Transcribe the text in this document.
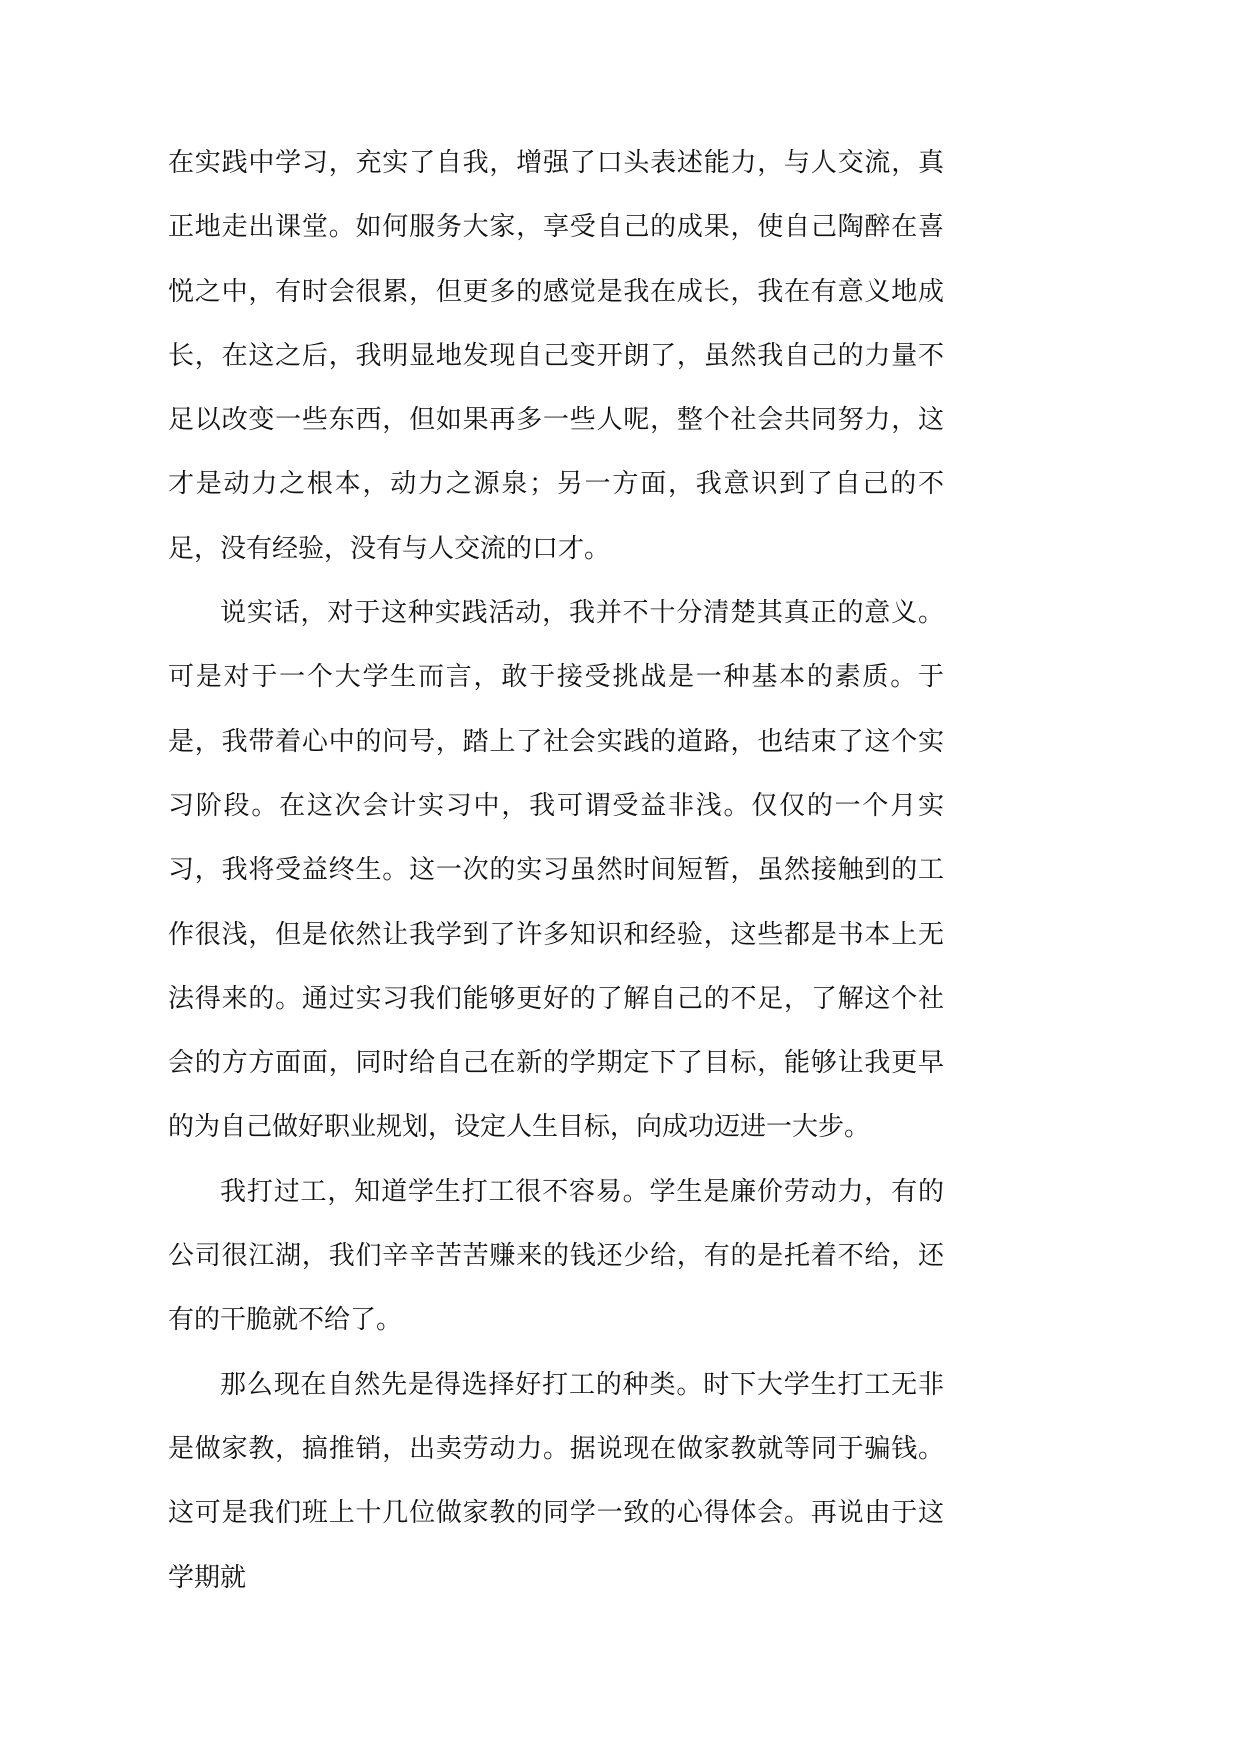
在实践中学习，充实了自我，增强了口头表述能力，与人交流，真正地走出课堂。如何服务大家，享受自己的成果，使自己陶醉在喜悦之中，有时会很累，但更多的感觉是我在成长，我在有意义地成长，在这之后，我明显地发现自己变开朗了，虽然我自己的力量不足以改变一些东西，但如果再多一些人呢，整个社会共同努力，这才是动力之根本，动力之源泉；另一方面，我意识到了自己的不足，没有经验，没有与人交流的口才。

说实话，对于这种实践活动，我并不十分清楚其真正的意义。可是对于一个大学生而言，敢于接受挑战是一种基本的素质。于是，我带着心中的问号，踏上了社会实践的道路，也结束了这个实习阶段。在这次会计实习中，我可谓受益非浅。仅仅的一个月实习，我将受益终生。这一次的实习虽然时间短暂，虽然接触到的工作很浅，但是依然让我学到了许多知识和经验，这些都是书本上无法得来的。通过实习我们能够更好的了解自己的不足，了解这个社会的方方面面，同时给自己在新的学期定下了目标，能够让我更早的为自己做好职业规划，设定人生目标，向成功迈进一大步。

我打过工，知道学生打工很不容易。学生是廉价劳动力，有的公司很江湖，我们辛辛苦苦赚来的钱还少给，有的是托着不给，还有的干脆就不给了。

那么现在自然先是得选择好打工的种类。时下大学生打工无非是做家教，搞推销，出卖劳动力。据说现在做家教就等同于骗钱。这可是我们班上十几位做家教的同学一致的心得体会。再说由于这学期就
